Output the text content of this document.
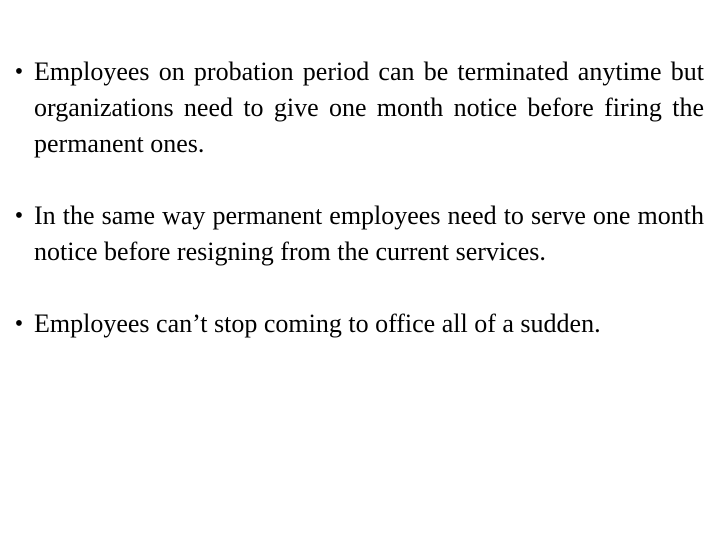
• Employees on probation period can be terminated anytime but organizations need to give one month notice before firing the permanent ones.
• In the same way permanent employees need to serve one month notice before resigning from the current services.
• Employees can’t stop coming to office all of a sudden.
